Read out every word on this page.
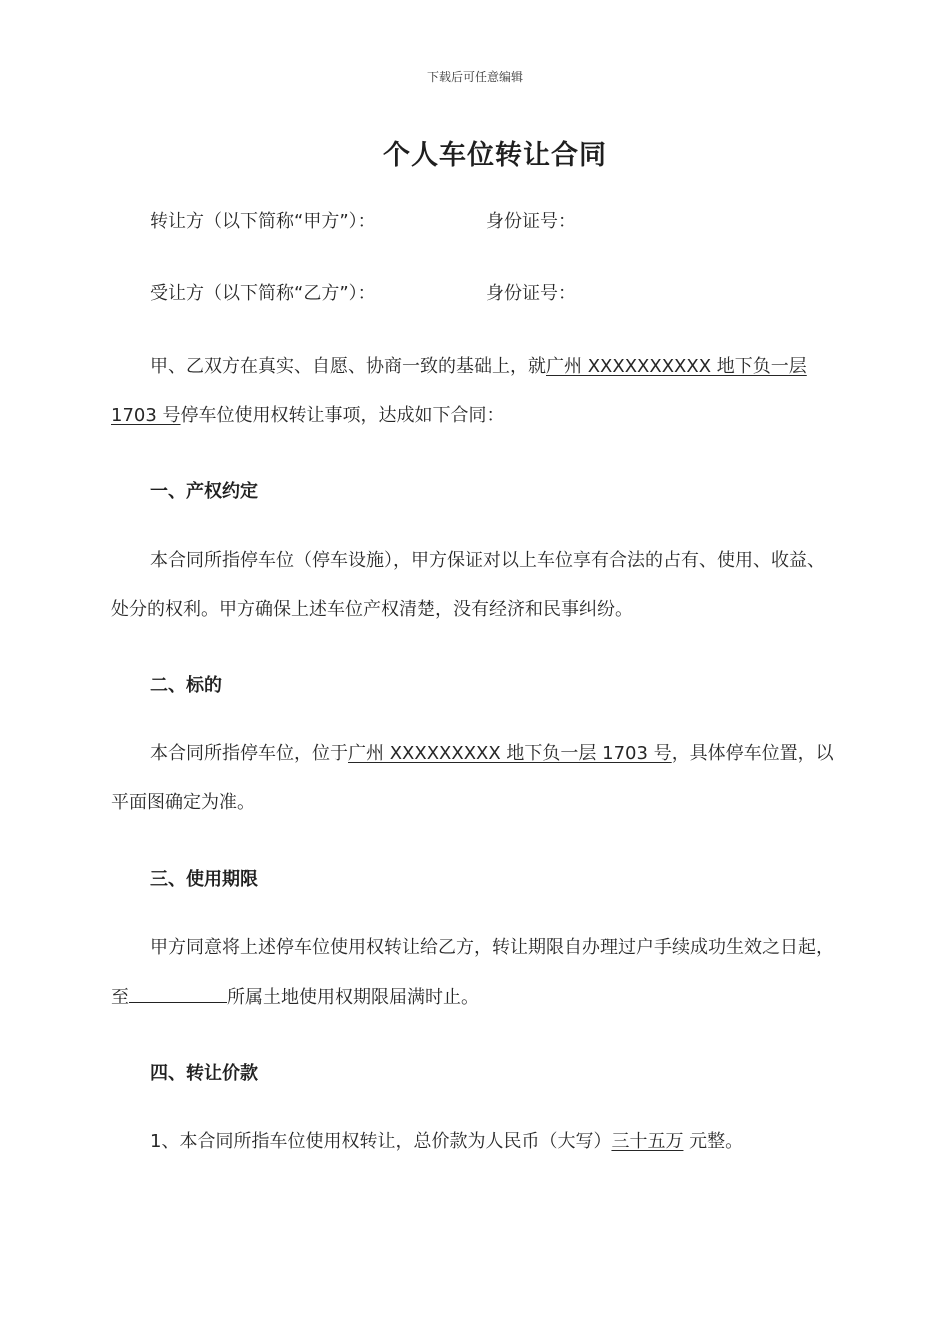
下载后可任意编辑
个人车位转让合同
转让方（以下简称“甲方”）：	身份证号：
受让方（以下简称“乙方”）：	身份证号：
甲、乙双方在真实、自愿、协商一致的基础上，就广州 XXXXXXXXXX 地下负一层
1703 号停车位使用权转让事项，达成如下合同：
一、产权约定
本合同所指停车位（停车设施），甲方保证对以上车位享有合法的占有、使用、收益、
处分的权利。甲方确保上述车位产权清楚，没有经济和民事纠纷。
二、标的
本合同所指停车位，位于广州 XXXXXXXXX 地下负一层 1703 号，具体停车位置，以
平面图确定为准。
三、使用期限
甲方同意将上述停车位使用权转让给乙方，转让期限自办理过户手续成功生效之日起，
至	所属土地使用权期限届满时止。
四、转让价款
1、本合同所指车位使用权转让，总价款为人民币（大写）三十五万 元整。
